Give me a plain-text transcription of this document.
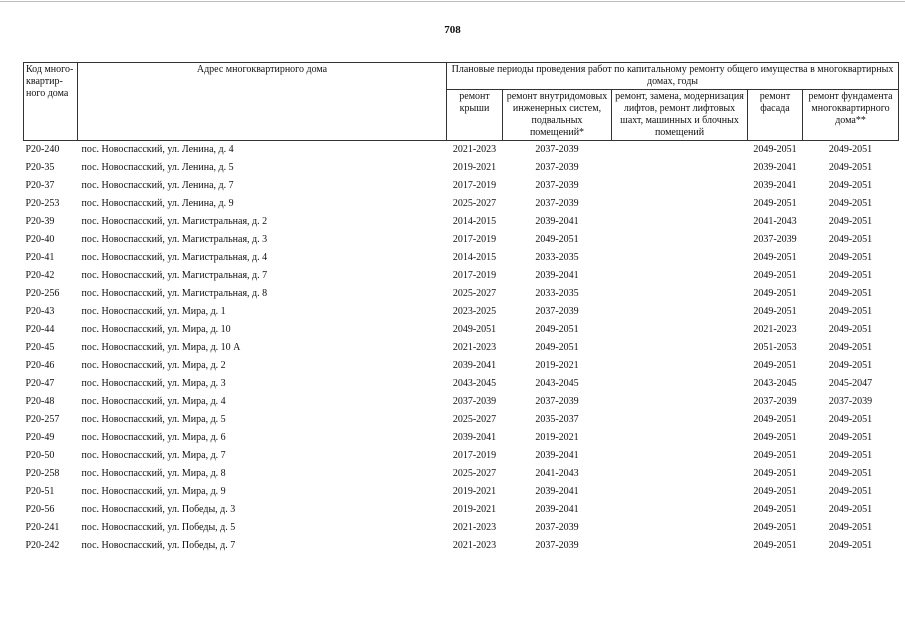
708
Код много-квартир-ного дома	Адрес многоквартирного дома	Плановые периоды проведения работ по капитальному ремонту общего имущества в многоквартирных домах, годы				
		ремонт крыши	ремонт внутридомовых инженерных систем, подвальных помещений*	ремонт, замена, модернизация лифтов, ремонт лифтовых шахт, машинных и блочных помещений	ремонт фасада	ремонт фундамента многоквартирного дома**
Р20-240	пос. Новоспасский, ул. Ленина, д. 4	2021-2023	2037-2039		2049-2051	2049-2051
Р20-35	пос. Новоспасский, ул. Ленина, д. 5	2019-2021	2037-2039		2039-2041	2049-2051
Р20-37	пос. Новоспасский, ул. Ленина, д. 7	2017-2019	2037-2039		2039-2041	2049-2051
Р20-253	пос. Новоспасский, ул. Ленина, д. 9	2025-2027	2037-2039		2049-2051	2049-2051
Р20-39	пос. Новоспасский, ул. Магистральная, д. 2	2014-2015	2039-2041		2041-2043	2049-2051
Р20-40	пос. Новоспасский, ул. Магистральная, д. 3	2017-2019	2049-2051		2037-2039	2049-2051
Р20-41	пос. Новоспасский, ул. Магистральная, д. 4	2014-2015	2033-2035		2049-2051	2049-2051
Р20-42	пос. Новоспасский, ул. Магистральная, д. 7	2017-2019	2039-2041		2049-2051	2049-2051
Р20-256	пос. Новоспасский, ул. Магистральная, д. 8	2025-2027	2033-2035		2049-2051	2049-2051
Р20-43	пос. Новоспасский, ул. Мира, д. 1	2023-2025	2037-2039		2049-2051	2049-2051
Р20-44	пос. Новоспасский, ул. Мира, д. 10	2049-2051	2049-2051		2021-2023	2049-2051
Р20-45	пос. Новоспасский, ул. Мира, д. 10 А	2021-2023	2049-2051		2051-2053	2049-2051
Р20-46	пос. Новоспасский, ул. Мира, д. 2	2039-2041	2019-2021		2049-2051	2049-2051
Р20-47	пос. Новоспасский, ул. Мира, д. 3	2043-2045	2043-2045		2043-2045	2045-2047
Р20-48	пос. Новоспасский, ул. Мира, д. 4	2037-2039	2037-2039		2037-2039	2037-2039
Р20-257	пос. Новоспасский, ул. Мира, д. 5	2025-2027	2035-2037		2049-2051	2049-2051
Р20-49	пос. Новоспасский, ул. Мира, д. 6	2039-2041	2019-2021		2049-2051	2049-2051
Р20-50	пос. Новоспасский, ул. Мира, д. 7	2017-2019	2039-2041		2049-2051	2049-2051
Р20-258	пос. Новоспасский, ул. Мира, д. 8	2025-2027	2041-2043		2049-2051	2049-2051
Р20-51	пос. Новоспасский, ул. Мира, д. 9	2019-2021	2039-2041		2049-2051	2049-2051
Р20-56	пос. Новоспасский, ул. Победы, д. 3	2019-2021	2039-2041		2049-2051	2049-2051
Р20-241	пос. Новоспасский, ул. Победы, д. 5	2021-2023	2037-2039		2049-2051	2049-2051
Р20-242	пос. Новоспасский, ул. Победы, д. 7	2021-2023	2037-2039		2049-2051	2049-2051
